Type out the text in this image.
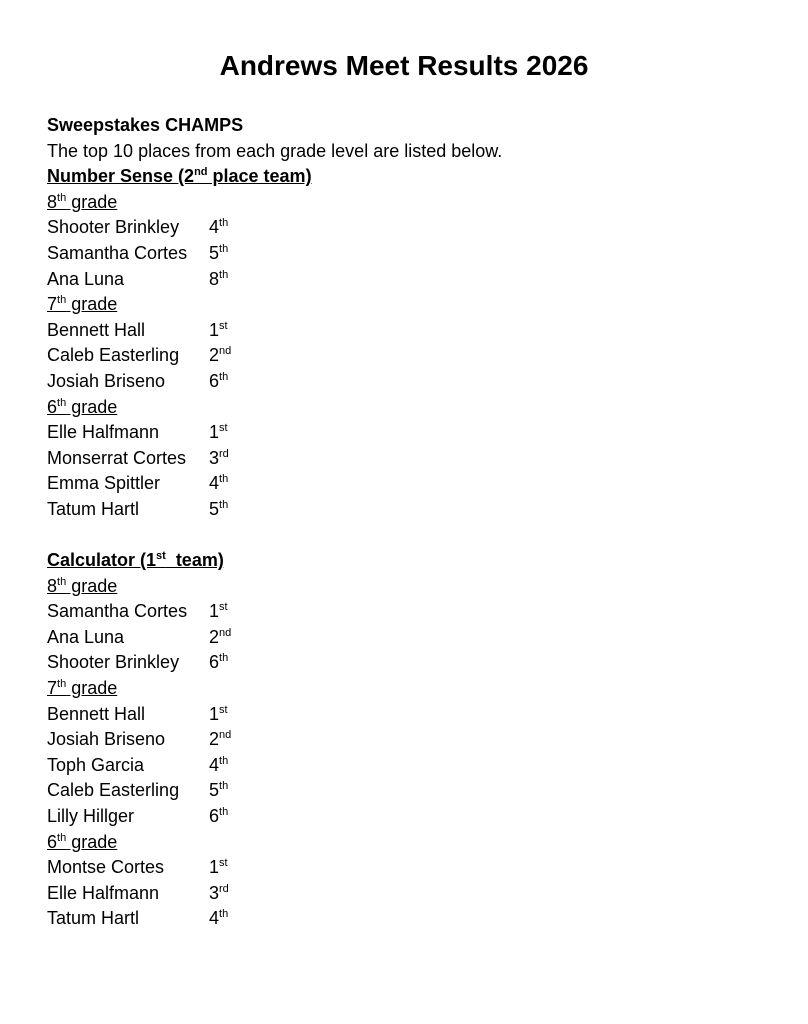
Andrews Meet Results 2026
Sweepstakes CHAMPS
The top 10 places from each grade level are listed below.
Number Sense (2nd place team)
8th grade
Shooter Brinkley 4th
Samantha Cortes 5th
Ana Luna	8th
7th grade
Bennett Hall	1st
Caleb Easterling 2nd
Josiah Briseno 6th
6th grade
Elle Halfmann	1st
Monserrat Cortes 3rd
Emma Spittler	4th
Tatum Hartl	5th
Calculator (1st  team)
8th grade
Samantha Cortes 1st
Ana Luna	2nd
Shooter Brinkley 6th
7th grade
Bennett Hall	1st
Josiah Briseno 2nd
Toph Garcia	4th
Caleb Easterling 5th
Lilly Hillger	6th
6th grade
Montse Cortes 1st
Elle Halfmann	3rd
Tatum Hartl	4th
